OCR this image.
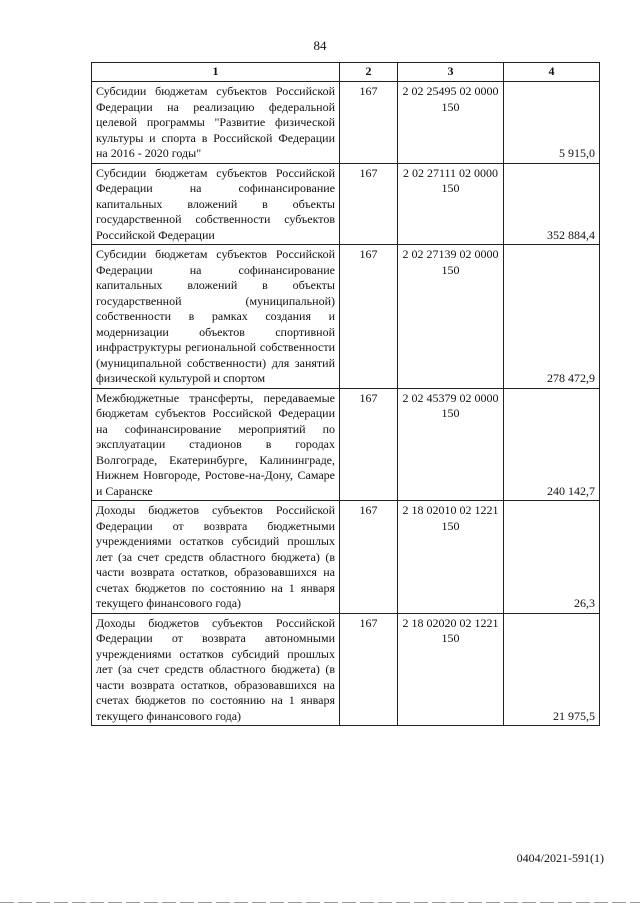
84
1	2	3	4
Субсидии бюджетам субъектов Российской Федерации на реализацию федеральной целевой программы "Развитие физической культуры и спорта в Российской Федерации на 2016 - 2020 годы"	167	2 02 25495 02 0000 150	5 915,0
Субсидии бюджетам субъектов Российской Федерации на софинансирование капитальных вложений в объекты государственной собственности субъектов Российской Федерации	167	2 02 27111 02 0000 150	352 884,4
Субсидии бюджетам субъектов Российской Федерации на софинансирование капитальных вложений в объекты государственной (муниципальной) собственности в рамках создания и модернизации объектов спортивной инфраструктуры региональной собственности (муниципальной собственности) для занятий физической культурой и спортом	167	2 02 27139 02 0000 150	278 472,9
Межбюджетные трансферты, передаваемые бюджетам субъектов Российской Федерации на софинансирование мероприятий по эксплуатации стадионов в городах Волгограде, Екатеринбурге, Калининграде, Нижнем Новгороде, Ростове-на-Дону, Самаре и Саранске	167	2 02 45379 02 0000 150	240 142,7
Доходы бюджетов субъектов Российской Федерации от возврата бюджетными учреждениями остатков субсидий прошлых лет (за счет средств областного бюджета) (в части возврата остатков, образовавшихся на счетах бюджетов по состоянию на 1 января текущего финансового года)	167	2 18 02010 02 1221 150	26,3
Доходы бюджетов субъектов Российской Федерации от возврата автономными учреждениями остатков субсидий прошлых лет (за счет средств областного бюджета) (в части возврата остатков, образовавшихся на счетах бюджетов по состоянию на 1 января текущего финансового года)	167	2 18 02020 02 1221 150	21 975,5
0404/2021-591(1)
